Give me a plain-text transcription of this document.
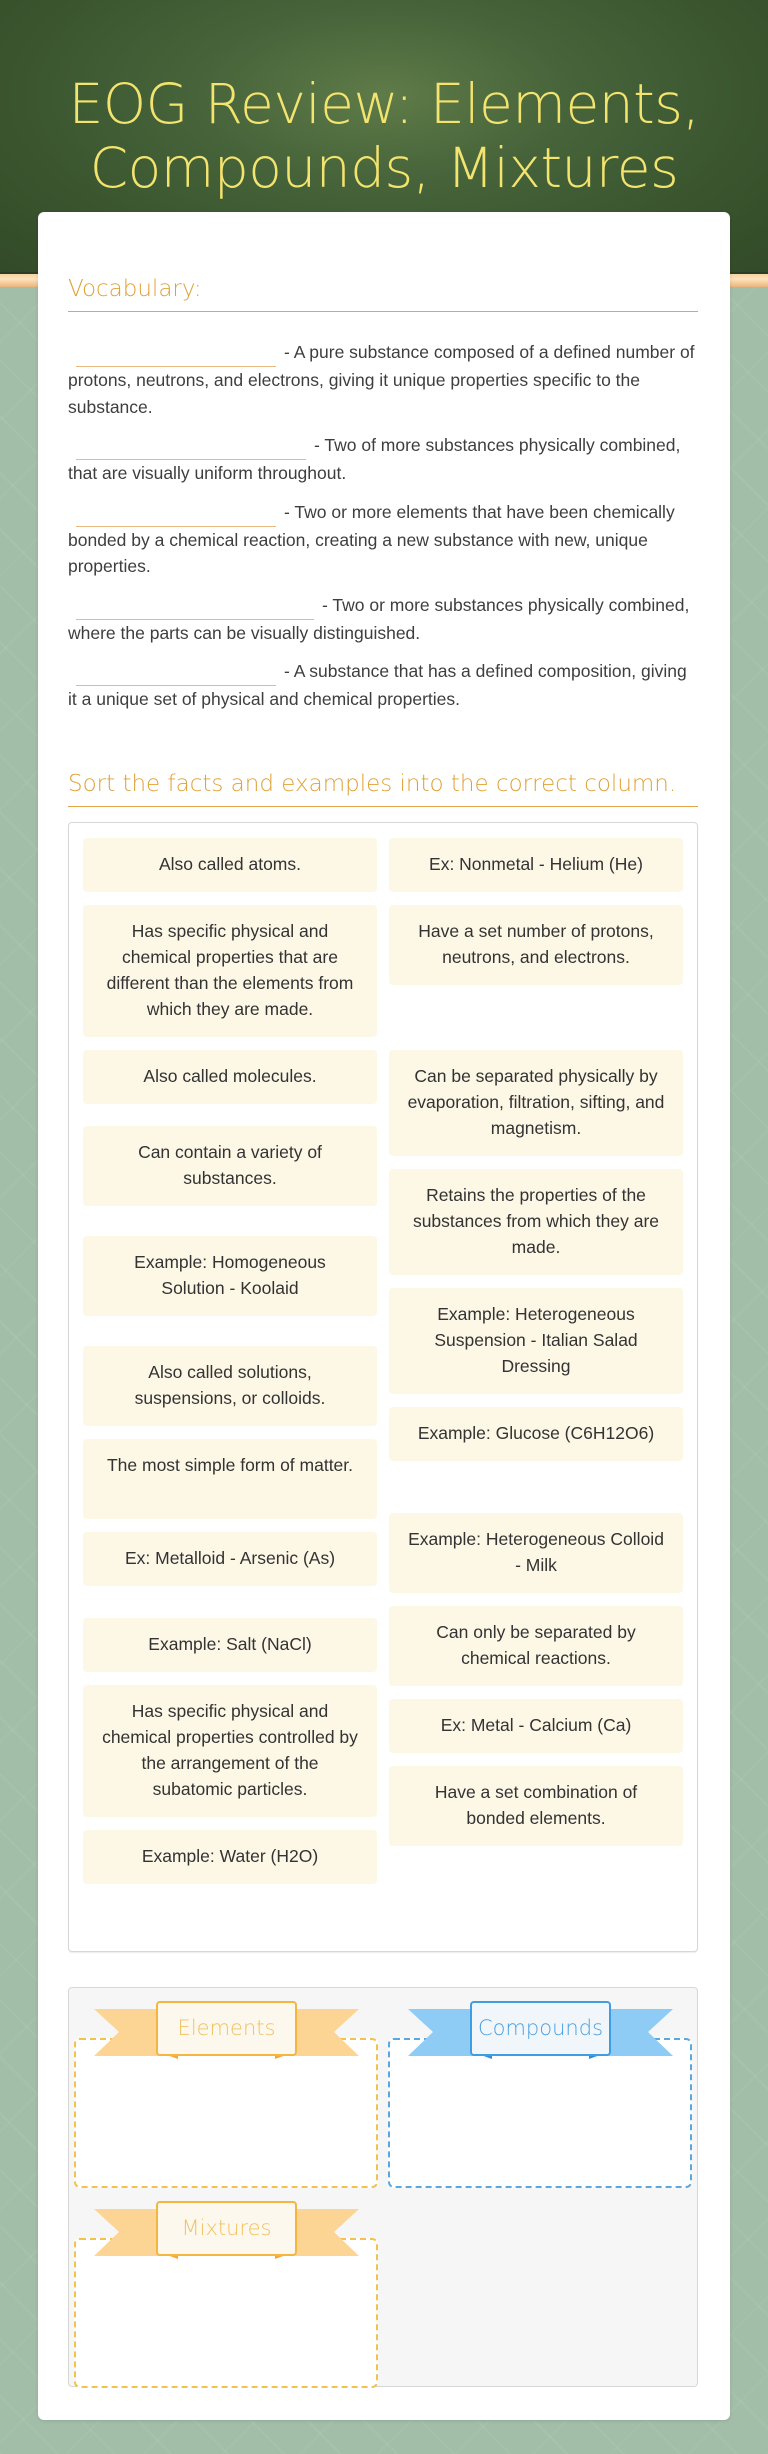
EOG Review: Elements, Compounds, Mixtures
Vocabulary:

- A pure substance composed of a defined number of protons, neutrons, and electrons, giving it unique properties specific to the substance.

- Two of more substances physically combined, that are visually uniform throughout.

- Two or more elements that have been chemically bonded by a chemical reaction, creating a new substance with new, unique properties.

- Two or more substances physically combined, where the parts can be visually distinguished.

- A substance that has a defined composition, giving it a unique set of physical and chemical properties.

Sort the facts and examples into the correct column.
Also called atoms.
Has specific physical and chemical properties that are different than the elements from which they are made.
Also called molecules.
Can contain a variety of substances.
Example: Homogeneous Solution - Koolaid
Also called solutions, suspensions, or colloids.
The most simple form of matter.
Ex: Metalloid - Arsenic (As)
Example: Salt (NaCl)
Has specific physical and chemical properties controlled by the arrangement of the subatomic particles.
Example: Water (H2O)
Ex: Nonmetal - Helium (He)
Have a set number of protons, neutrons, and electrons.
Can be separated physically by evaporation, filtration, sifting, and magnetism.
Retains the properties of the substances from which they are made.
Example: Heterogeneous Suspension - Italian Salad Dressing
Example: Glucose (C6H12O6)
Example: Heterogeneous Colloid - Milk
Can only be separated by chemical reactions.
Ex: Metal - Calcium (Ca)
Have a set combination of bonded elements.
Elements	Compounds
Mixtures
